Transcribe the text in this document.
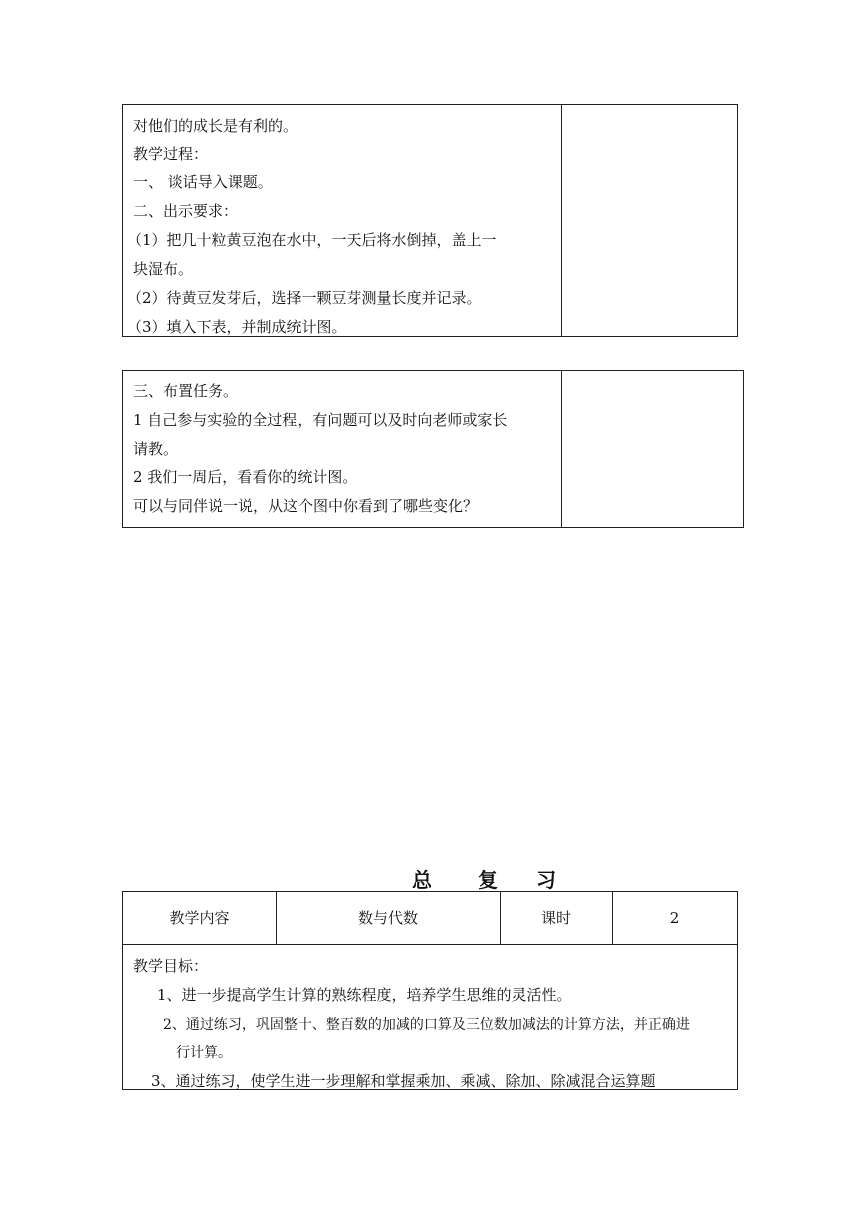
对他们的成长是有利的。
教学过程：
一、 谈话导入课题。
二、出示要求：
（1）把几十粒黄豆泡在水中，一天后将水倒掉，盖上一
块湿布。
（2）待黄豆发芽后，选择一颗豆芽测量长度并记录。
（3）填入下表，并制成统计图。
三、布置任务。
1 自己参与实验的全过程，有问题可以及时向老师或家长
请教。
2 我们一周后，看看你的统计图。
可以与同伴说一说，从这个图中你看到了哪些变化？
总 复 习
教学内容	数与代数	课时	2
教学目标：
1、进一步提高学生计算的熟练程度，培养学生思维的灵活性。
2、通过练习，巩固整十、整百数的加减的口算及三位数加减法的计算方法，并正确进
行计算。
3、通过练习，使学生进一步理解和掌握乘加、乘减、除加、除减混合运算题
